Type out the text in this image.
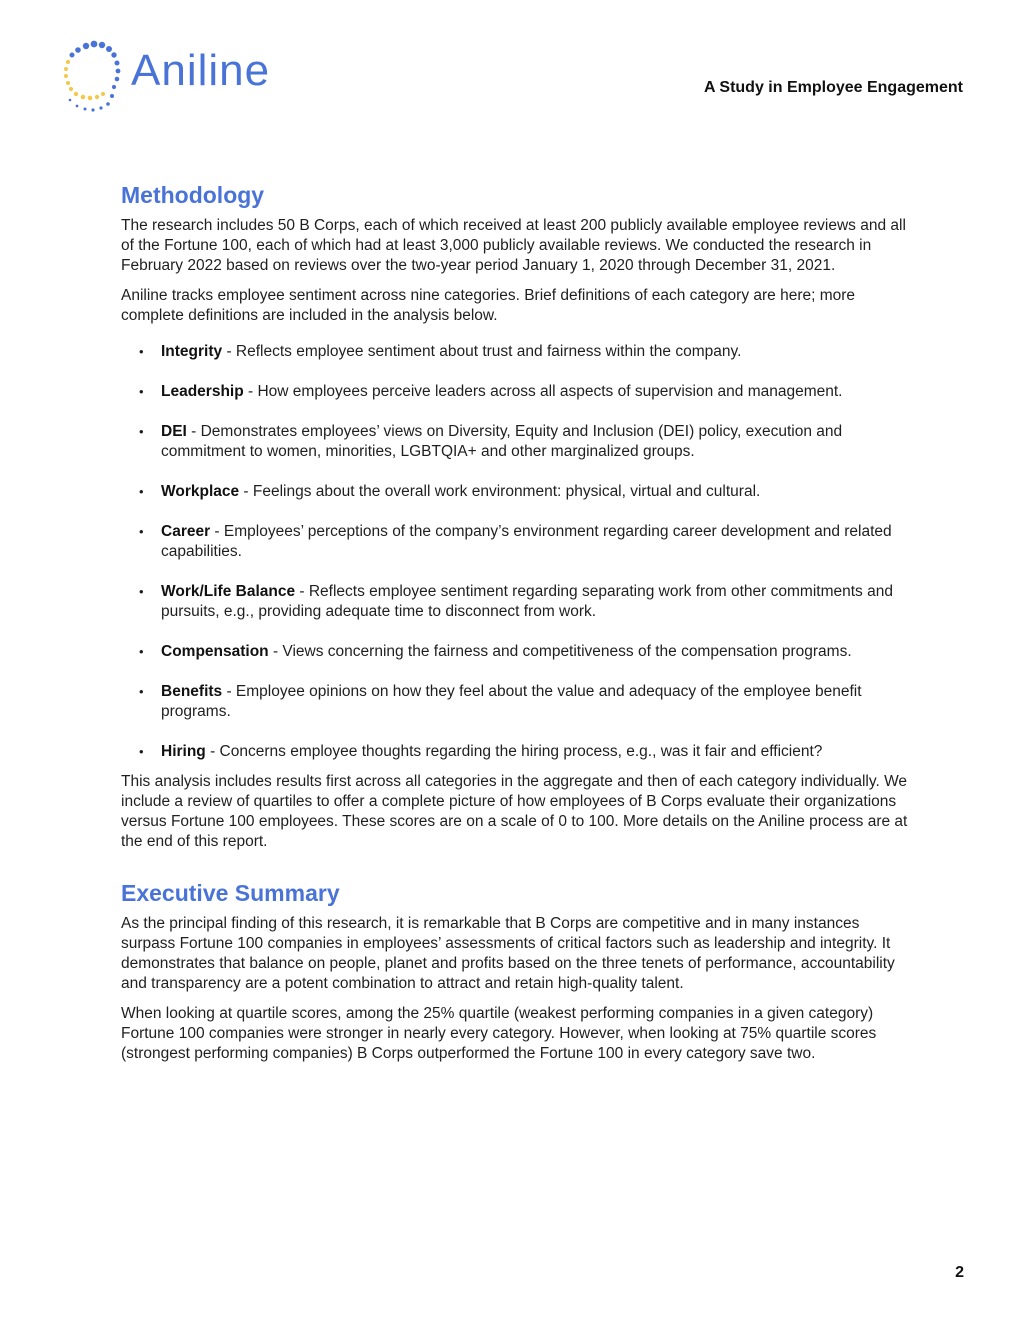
Aniline	A Study in Employee Engagement
Methodology

The research includes 50 B Corps, each of which received at least 200 publicly available employee reviews and all of the Fortune 100, each of which had at least 3,000 publicly available reviews. We conducted the research in February 2022 based on reviews over the two-year period January 1, 2020 through December 31, 2021.

Aniline tracks employee sentiment across nine categories. Brief definitions of each category are here; more complete definitions are included in the analysis below.

• Integrity - Reflects employee sentiment about trust and fairness within the company.
• Leadership - How employees perceive leaders across all aspects of supervision and management.
• DEI - Demonstrates employees’ views on Diversity, Equity and Inclusion (DEI) policy, execution and commitment to women, minorities, LGBTQIA+ and other marginalized groups.
• Workplace - Feelings about the overall work environment: physical, virtual and cultural.
• Career - Employees’ perceptions of the company’s environment regarding career development and related capabilities.
• Work/Life Balance - Reflects employee sentiment regarding separating work from other commitments and pursuits, e.g., providing adequate time to disconnect from work.
• Compensation - Views concerning the fairness and competitiveness of the compensation programs.
• Benefits - Employee opinions on how they feel about the value and adequacy of the employee benefit programs.
• Hiring - Concerns employee thoughts regarding the hiring process, e.g., was it fair and efficient?

This analysis includes results first across all categories in the aggregate and then of each category individually. We include a review of quartiles to offer a complete picture of how employees of B Corps evaluate their organizations versus Fortune 100 employees. These scores are on a scale of 0 to 100. More details on the Aniline process are at the end of this report.

Executive Summary

As the principal finding of this research, it is remarkable that B Corps are competitive and in many instances surpass Fortune 100 companies in employees’ assessments of critical factors such as leadership and integrity. It demonstrates that balance on people, planet and profits based on the three tenets of performance, accountability and transparency are a potent combination to attract and retain high-quality talent.

When looking at quartile scores, among the 25% quartile (weakest performing companies in a given category) Fortune 100 companies were stronger in nearly every category. However, when looking at 75% quartile scores (strongest performing companies) B Corps outperformed the Fortune 100 in every category save two.

2
